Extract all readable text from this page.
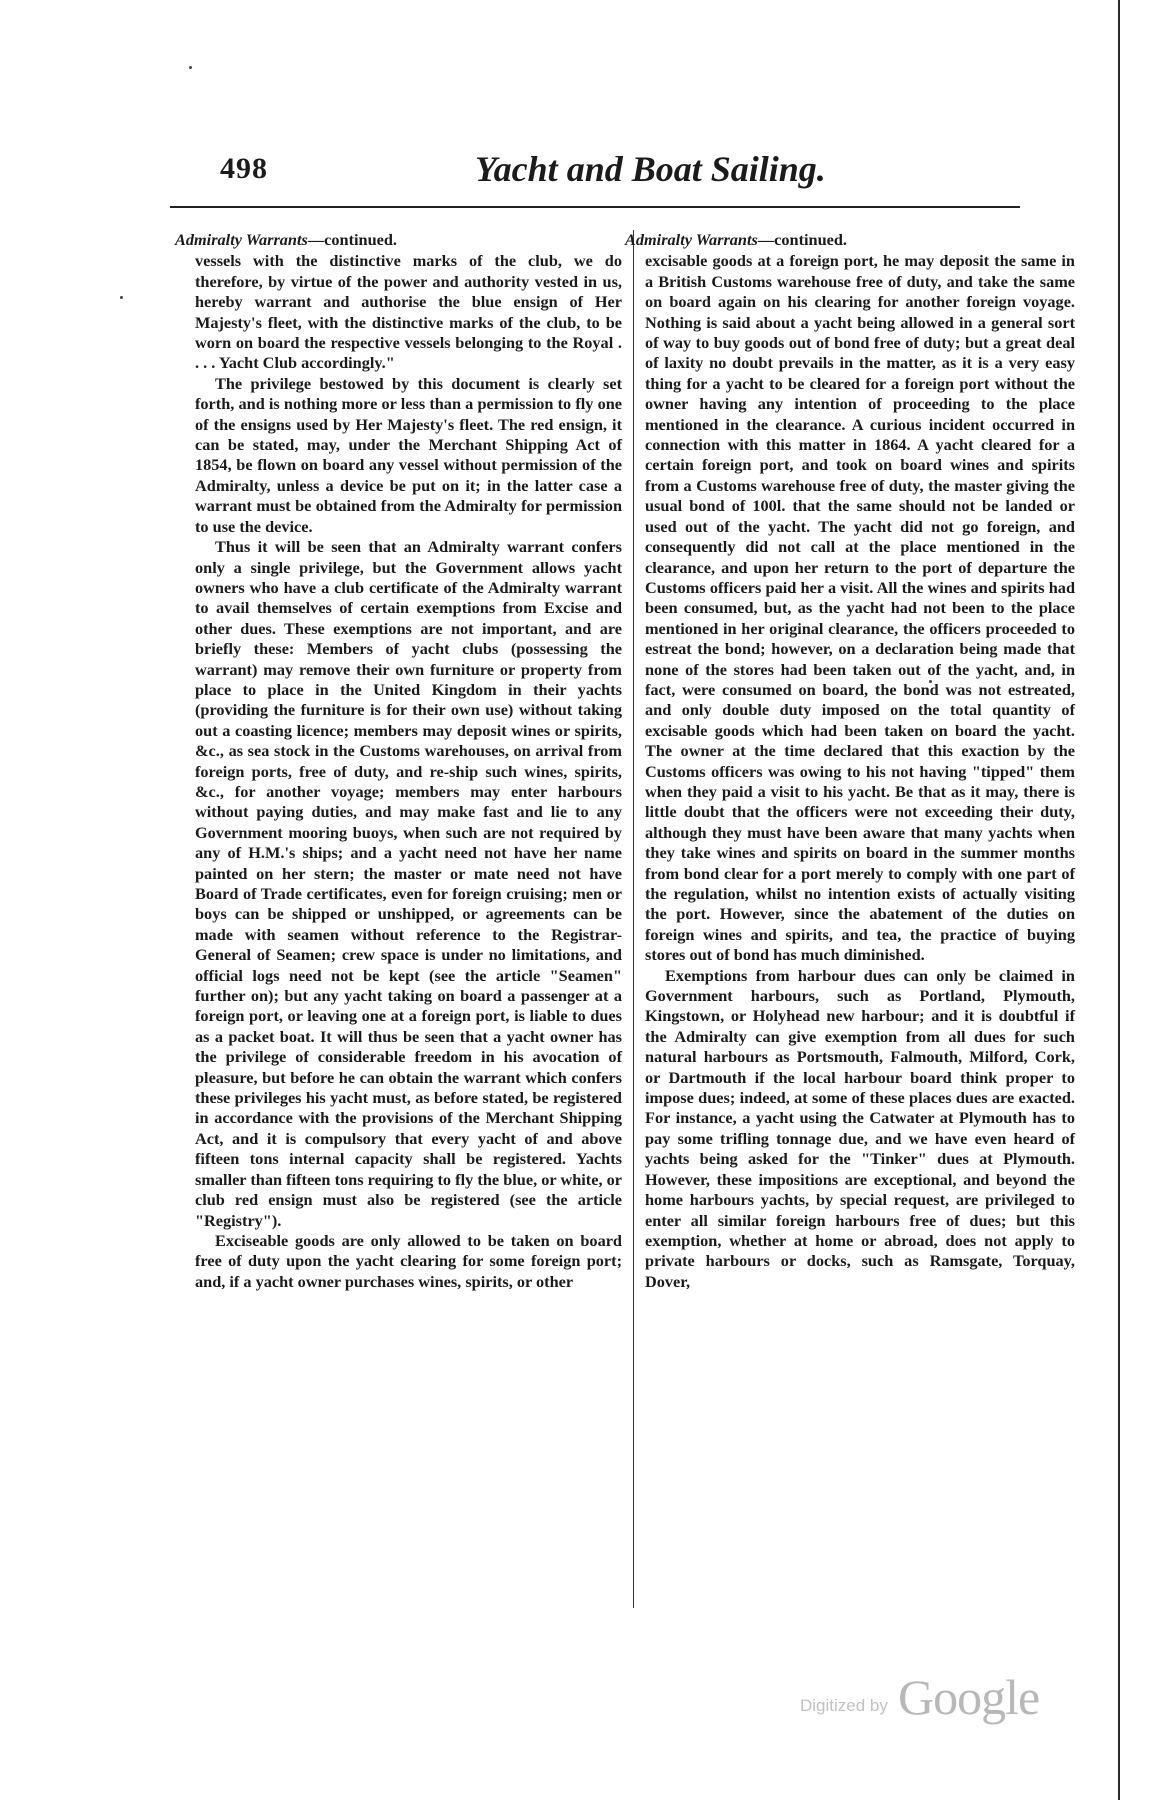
498	Yacht and Boat Sailing.
Admiralty Warrants—continued.

vessels with the distinctive marks of the club, we do therefore, by virtue of the power and authority vested in us, hereby warrant and authorise the blue ensign of Her Majesty's fleet, with the distinctive marks of the club, to be worn on board the respective vessels belonging to the Royal . . . . Yacht Club accordingly."

The privilege bestowed by this document is clearly set forth, and is nothing more or less than a permission to fly one of the ensigns used by Her Majesty's fleet. The red ensign, it can be stated, may, under the Merchant Shipping Act of 1854, be flown on board any vessel without permission of the Admiralty, unless a device be put on it; in the latter case a warrant must be obtained from the Admiralty for permission to use the device.

Thus it will be seen that an Admiralty warrant confers only a single privilege, but the Government allows yacht owners who have a club certificate of the Admiralty warrant to avail themselves of certain exemptions from Excise and other dues. These exemptions are not important, and are briefly these: Members of yacht clubs (possessing the warrant) may remove their own furniture or property from place to place in the United Kingdom in their yachts (providing the furniture is for their own use) without taking out a coasting licence; members may deposit wines or spirits, &c., as sea stock in the Customs warehouses, on arrival from foreign ports, free of duty, and re-ship such wines, spirits, &c., for another voyage; members may enter harbours without paying duties, and may make fast and lie to any Government mooring buoys, when such are not required by any of H.M.'s ships; and a yacht need not have her name painted on her stern; the master or mate need not have Board of Trade certificates, even for foreign cruising; men or boys can be shipped or unshipped, or agreements can be made with seamen without reference to the Registrar-General of Seamen; crew space is under no limitations, and official logs need not be kept (see the article "Seamen" further on); but any yacht taking on board a passenger at a foreign port, or leaving one at a foreign port, is liable to dues as a packet boat. It will thus be seen that a yacht owner has the privilege of considerable freedom in his avocation of pleasure, but before he can obtain the warrant which confers these privileges his yacht must, as before stated, be registered in accordance with the provisions of the Merchant Shipping Act, and it is compulsory that every yacht of and above fifteen tons internal capacity shall be registered. Yachts smaller than fifteen tons requiring to fly the blue, or white, or club red ensign must also be registered (see the article "Registry").

Exciseable goods are only allowed to be taken on board free of duty upon the yacht clearing for some foreign port; and, if a yacht owner purchases wines, spirits, or other

Admiralty Warrants—continued.

excisable goods at a foreign port, he may deposit the same in a British Customs warehouse free of duty, and take the same on board again on his clearing for another foreign voyage. Nothing is said about a yacht being allowed in a general sort of way to buy goods out of bond free of duty; but a great deal of laxity no doubt prevails in the matter, as it is a very easy thing for a yacht to be cleared for a foreign port without the owner having any intention of proceeding to the place mentioned in the clearance. A curious incident occurred in connection with this matter in 1864. A yacht cleared for a certain foreign port, and took on board wines and spirits from a Customs warehouse free of duty, the master giving the usual bond of 100l. that the same should not be landed or used out of the yacht. The yacht did not go foreign, and consequently did not call at the place mentioned in the clearance, and upon her return to the port of departure the Customs officers paid her a visit. All the wines and spirits had been consumed, but, as the yacht had not been to the place mentioned in her original clearance, the officers proceeded to estreat the bond; however, on a declaration being made that none of the stores had been taken out of the yacht, and, in fact, were consumed on board, the bond was not estreated, and only double duty imposed on the total quantity of excisable goods which had been taken on board the yacht. The owner at the time declared that this exaction by the Customs officers was owing to his not having "tipped" them when they paid a visit to his yacht. Be that as it may, there is little doubt that the officers were not exceeding their duty, although they must have been aware that many yachts when they take wines and spirits on board in the summer months from bond clear for a port merely to comply with one part of the regulation, whilst no intention exists of actually visiting the port. However, since the abatement of the duties on foreign wines and spirits, and tea, the practice of buying stores out of bond has much diminished.

Exemptions from harbour dues can only be claimed in Government harbours, such as Portland, Plymouth, Kingstown, or Holyhead new harbour; and it is doubtful if the Admiralty can give exemption from all dues for such natural harbours as Portsmouth, Falmouth, Milford, Cork, or Dartmouth if the local harbour board think proper to impose dues; indeed, at some of these places dues are exacted. For instance, a yacht using the Catwater at Plymouth has to pay some trifling tonnage due, and we have even heard of yachts being asked for the "Tinker" dues at Plymouth. However, these impositions are exceptional, and beyond the home harbours yachts, by special request, are privileged to enter all similar foreign harbours free of dues; but this exemption, whether at home or abroad, does not apply to private harbours or docks, such as Ramsgate, Torquay, Dover,

Digitized by Google
